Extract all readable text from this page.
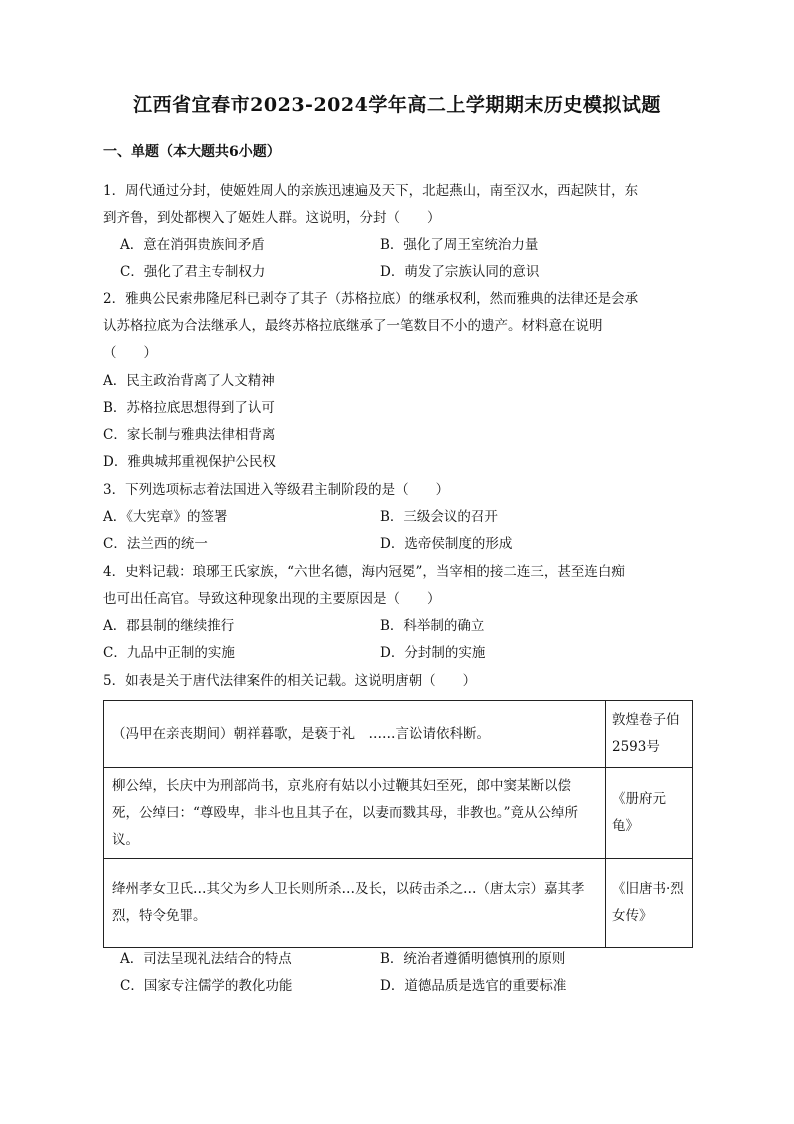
江西省宜春市2023-2024学年高二上学期期末历史模拟试题
一、单题（本大题共6小题）
1．周代通过分封，使姬姓周人的亲族迅速遍及天下，北起燕山，南至汉水，西起陕甘，东
到齐鲁，到处都楔入了姬姓人群。这说明，分封（　　）
A．意在消弭贵族间矛盾	B．强化了周王室统治力量
C．强化了君主专制权力	D．萌发了宗族认同的意识
2．雅典公民索弗隆尼科已剥夺了其子（苏格拉底）的继承权利，然而雅典的法律还是会承
认苏格拉底为合法继承人，最终苏格拉底继承了一笔数目不小的遗产。材料意在说明
（　　）
A．民主政治背离了人文精神
B．苏格拉底思想得到了认可
C．家长制与雅典法律相背离
D．雅典城邦重视保护公民权
3．下列选项标志着法国进入等级君主制阶段的是（　　）
A．《大宪章》的签署	B．三级会议的召开
C．法兰西的统一	D．选帝侯制度的形成
4．史料记载：琅琊王氏家族，“六世名德，海内冠冕”，当宰相的接二连三，甚至连白痴
也可出任高官。导致这种现象出现的主要原因是（　　）
A．郡县制的继续推行	B．科举制的确立
C．九品中正制的实施	D．分封制的实施
5．如表是关于唐代法律案件的相关记载。这说明唐朝（　　）
（冯甲在亲丧期间）朝祥暮歌，是亵于礼　……言讼请依科断。	敦煌卷子伯2593号
柳公绰，长庆中为刑部尚书，京兆府有姑以小过鞭其妇至死，郎中窦某断以偿死，公绰曰：“尊殴卑，非斗也且其子在，以妻而戮其母，非教也。”竟从公绰所议。	《册府元龟》
绛州孝女卫氏…其父为乡人卫长则所杀…及长，以砖击杀之…（唐太宗）嘉其孝烈，特令免罪。	《旧唐书·烈女传》
A．司法呈现礼法结合的特点	B．统治者遵循明德慎刑的原则
C．国家专注儒学的教化功能	D．道德品质是选官的重要标准
